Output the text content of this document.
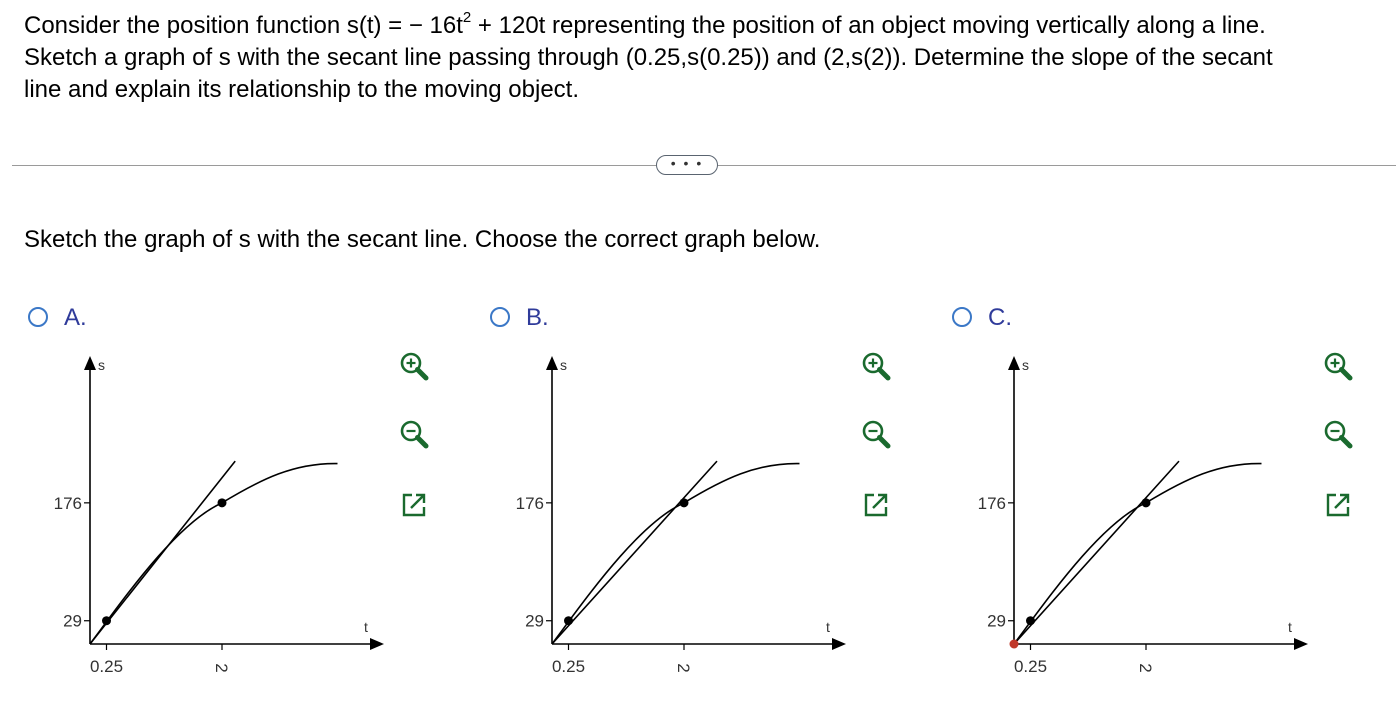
Consider the position function s(t) = − $16t^2 + 120t$ representing the position of an object moving vertically along a line.
Sketch a graph of s with the secant line passing through (0.25,s(0.25)) and (2,s(2)). Determine the slope of the secant
line and explain its relationship to the moving object.
• • •
Sketch the graph of s with the secant line. Choose the correct graph below.
A.
s
t
0.25	2
29
176
B.
s
t
0.25	2
29
176
C.
s
t
0.25	2
29
176
